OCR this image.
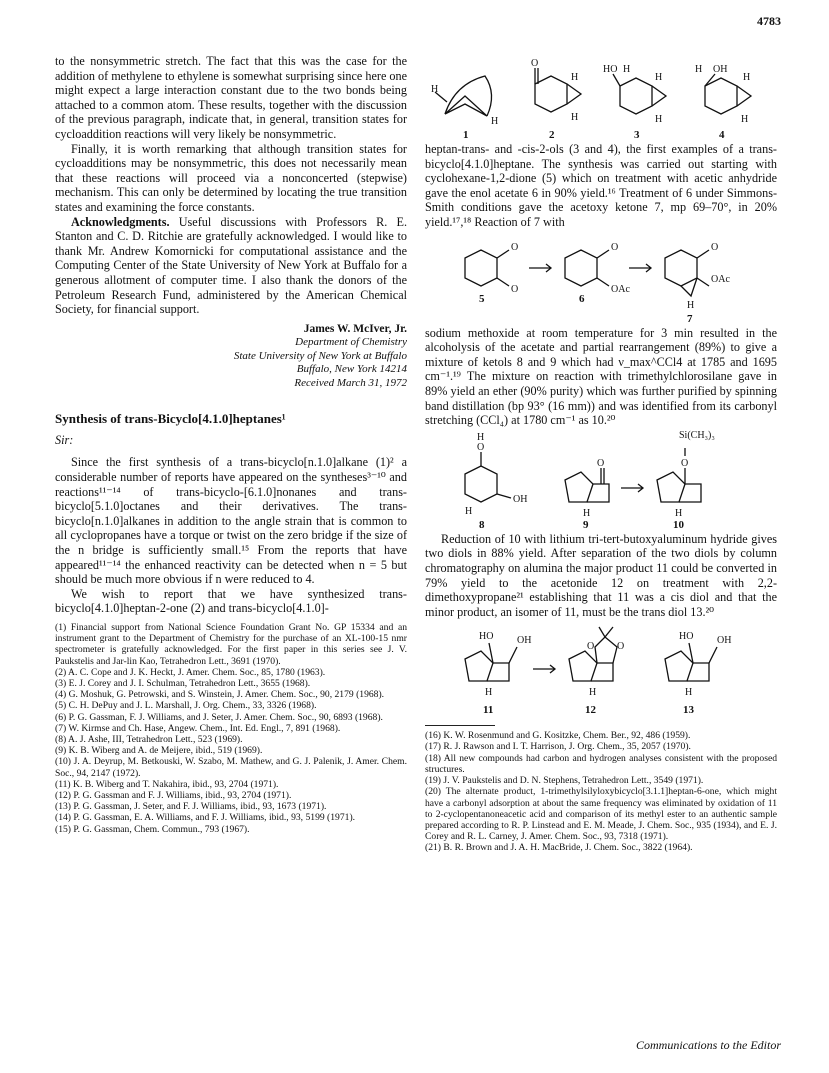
4783

to the nonsymmetric stretch. The fact that this was the case for the addition of methylene to ethylene is somewhat surprising since here one might expect a large interaction constant due to the two bonds being attached to a common atom. These results, together with the discussion of the previous paragraph, indicate that, in general, transition states for cycloaddition reactions will very likely be nonsymmetric.

Finally, it is worth remarking that although transition states for cycloadditions may be nonsymmetric, this does not necessarily mean that these reactions will proceed via a nonconcerted (stepwise) mechanism. This can only be determined by locating the true transition states and examining the force constants.

Acknowledgments. Useful discussions with Professors R. E. Stanton and C. D. Ritchie are gratefully acknowledged. I would like to thank Mr. Andrew Komornicki for computational assistance and the Computing Center of the State University of New York at Buffalo for a generous allotment of computer time. I also thank the donors of the Petroleum Research Fund, administered by the American Chemical Society, for financial support.

James W. McIver, Jr.
Department of Chemistry
State University of New York at Buffalo
Buffalo, New York 14214
Received March 31, 1972
Synthesis of trans-Bicyclo[4.1.0]heptanes¹

Sir:

Since the first synthesis of a trans-bicyclo[n.1.0]alkane (1)² a considerable number of reports have appeared on the syntheses³⁻¹⁰ and reactions¹¹⁻¹⁴ of trans-bicyclo-[6.1.0]nonanes and trans-bicyclo[5.1.0]octanes and their derivatives. The trans-bicyclo[n.1.0]alkanes in addition to the angle strain that is common to all cyclopropanes have a torque or twist on the zero bridge if the size of the n bridge is sufficiently small.¹⁵ From the reports that have appeared¹¹⁻¹⁴ the enhanced reactivity can be detected when n = 5 but should be much more obvious if n were reduced to 4.

We wish to report that we have synthesized trans-bicyclo[4.1.0]heptan-2-one (2) and trans-bicyclo[4.1.0]-

(1) Financial support from National Science Foundation Grant No. GP 15334 and an instrument grant to the Department of Chemistry for the purchase of an XL-100-15 nmr spectrometer is gratefully acknowledged. For the first paper in this series see J. V. Paukstelis and Jar-lin Kao, Tetrahedron Lett., 3691 (1970).

(2) A. C. Cope and J. K. Heckt, J. Amer. Chem. Soc., 85, 1780 (1963).

(3) E. J. Corey and J. I. Schulman, Tetrahedron Lett., 3655 (1968).

(4) G. Moshuk, G. Petrowski, and S. Winstein, J. Amer. Chem. Soc., 90, 2179 (1968).

(5) C. H. DePuy and J. L. Marshall, J. Org. Chem., 33, 3326 (1968).

(6) P. G. Gassman, F. J. Williams, and J. Seter, J. Amer. Chem. Soc., 90, 6893 (1968).

(7) W. Kirmse and Ch. Hase, Angew. Chem., Int. Ed. Engl., 7, 891 (1968).

(8) A. J. Ashe, III, Tetrahedron Lett., 523 (1969).

(9) K. B. Wiberg and A. de Meijere, ibid., 519 (1969).

(10) J. A. Deyrup, M. Betkouski, W. Szabo, M. Mathew, and G. J. Palenik, J. Amer. Chem. Soc., 94, 2147 (1972).

(11) K. B. Wiberg and T. Nakahira, ibid., 93, 2704 (1971).

(12) P. G. Gassman and F. J. Williams, ibid., 93, 2704 (1971).

(13) P. G. Gassman, J. Seter, and F. J. Williams, ibid., 93, 1673 (1971).

(14) P. G. Gassman, E. A. Williams, and F. J. Williams, ibid., 93, 5199 (1971).

(15) P. G. Gassman, Chem. Commun., 793 (1967).

H
H
O
H
H
HO H
H
H
H OH
H
H
1	2	3	4

heptan-trans- and -cis-2-ols (3 and 4), the first examples of a trans-bicyclo[4.1.0]heptane. The synthesis was carried out starting with cyclohexane-1,2-dione (5) which on treatment with acetic anhydride gave the enol acetate 6 in 90% yield.¹⁶ Treatment of 6 under Simmons-Smith conditions gave the acetoxy ketone 7, mp 69–70°, in 20% yield.¹⁷,¹⁸ Reaction of 7 with

O
O
O
OAc
O
OAc
H
5	6
7

sodium methoxide at room temperature for 3 min resulted in the alcoholysis of the acetate and partial rearrangement (89%) to give a mixture of ketols 8 and 9 which had ν_max^CCl4 at 1785 and 1695 cm⁻¹.¹⁹ The mixture on reaction with trimethylchlorosilane gave in 89% yield an ether (90% purity) which was further purified by spinning band distillation (bp 93° (16 mm)) and was identified from its carbonyl stretching (CCl₄) at 1780 cm⁻¹ as 10.²⁰

H
O
OH
H
O
H
Si(CH₃)₃
O
H
8	9	10

Reduction of 10 with lithium tri-tert-butoxyaluminum hydride gives two diols in 88% yield. After separation of the two diols by column chromatography on alumina the major product 11 could be converted in 79% yield to the acetonide 12 on treatment with 2,2-dimethoxypropane²¹ establishing that 11 was a cis diol and that the minor product, an isomer of 11, must be the trans diol 13.²⁰

HO OH
H
O O
H
HO OH
H
11	12	13

(16) K. W. Rosenmund and G. Kositzke, Chem. Ber., 92, 486 (1959).

(17) R. J. Rawson and I. T. Harrison, J. Org. Chem., 35, 2057 (1970).

(18) All new compounds had carbon and hydrogen analyses consistent with the proposed structures.

(19) J. V. Paukstelis and D. N. Stephens, Tetrahedron Lett., 3549 (1971).

(20) The alternate product, 1-trimethylsilyloxybicyclo[3.1.1]heptan-6-one, which might have a carbonyl adsorption at about the same frequency was eliminated by oxidation of 11 to 2-cyclopentanoneacetic acid and comparison of its methyl ester to an authentic sample prepared according to R. P. Linstead and E. M. Meade, J. Chem. Soc., 935 (1934), and E. J. Corey and R. L. Carney, J. Amer. Chem. Soc., 93, 7318 (1971).

(21) B. R. Brown and J. A. H. MacBride, J. Chem. Soc., 3822 (1964).

Communications to the Editor
